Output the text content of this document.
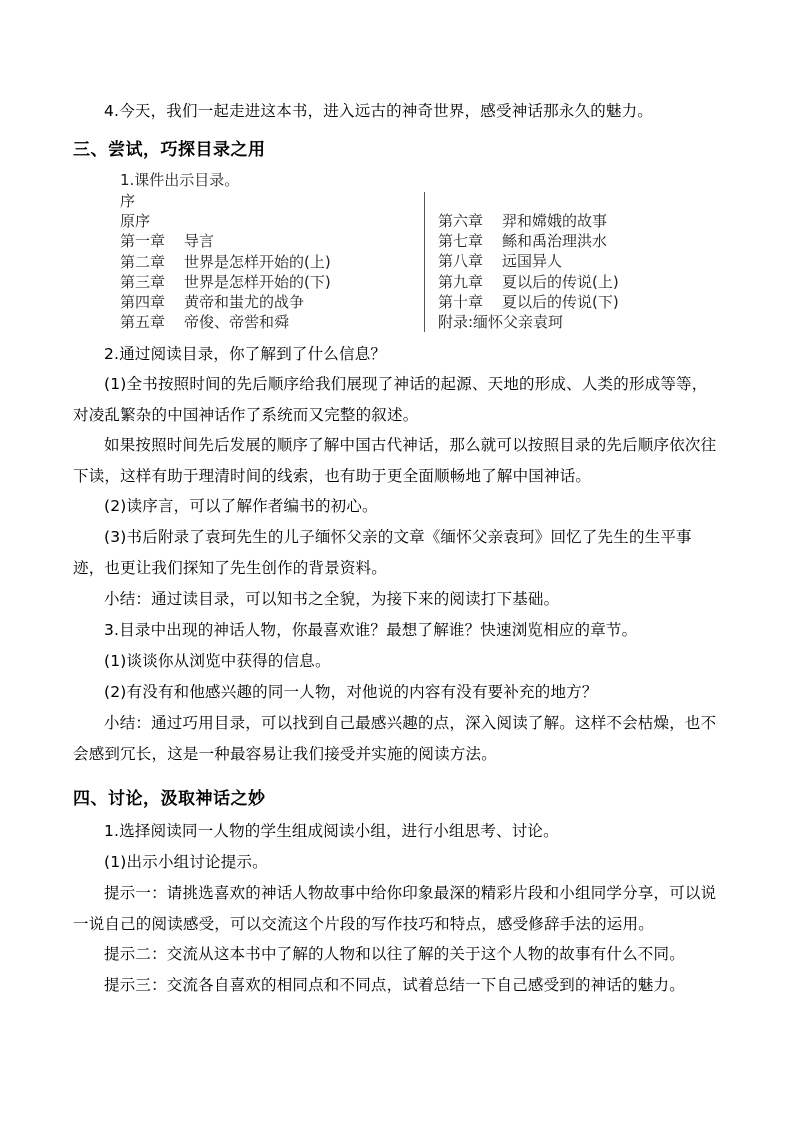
4.今天，我们一起走进这本书，进入远古的神奇世界，感受神话那永久的魅力。
三、尝试，巧探目录之用
1.课件出示目录。
序
原序
第一章 导言
第二章 世界是怎样开始的(上)
第三章 世界是怎样开始的(下)
第四章 黄帝和蚩尤的战争
第五章 帝俊、帝喾和舜
第六章 羿和嫦娥的故事
第七章 鲧和禹治理洪水
第八章 远国异人
第九章 夏以后的传说(上)
第十章 夏以后的传说(下)
附录:缅怀父亲袁珂
2.通过阅读目录，你了解到了什么信息？
(1)全书按照时间的先后顺序给我们展现了神话的起源、天地的形成、人类的形成等等，对凌乱繁杂的中国神话作了系统而又完整的叙述。
如果按照时间先后发展的顺序了解中国古代神话，那么就可以按照目录的先后顺序依次往下读，这样有助于理清时间的线索，也有助于更全面顺畅地了解中国神话。
(2)读序言，可以了解作者编书的初心。
(3)书后附录了袁珂先生的儿子缅怀父亲的文章《缅怀父亲袁珂》回忆了先生的生平事迹，也更让我们探知了先生创作的背景资料。
小结：通过读目录，可以知书之全貌，为接下来的阅读打下基础。
3.目录中出现的神话人物，你最喜欢谁？最想了解谁？快速浏览相应的章节。
(1)谈谈你从浏览中获得的信息。
(2)有没有和他感兴趣的同一人物，对他说的内容有没有要补充的地方？
小结：通过巧用目录，可以找到自己最感兴趣的点，深入阅读了解。这样不会枯燥，也不会感到冗长，这是一种最容易让我们接受并实施的阅读方法。
四、讨论，汲取神话之妙
1.选择阅读同一人物的学生组成阅读小组，进行小组思考、讨论。
(1)出示小组讨论提示。
提示一：请挑选喜欢的神话人物故事中给你印象最深的精彩片段和小组同学分享，可以说一说自己的阅读感受，可以交流这个片段的写作技巧和特点，感受修辞手法的运用。
提示二：交流从这本书中了解的人物和以往了解的关于这个人物的故事有什么不同。
提示三：交流各自喜欢的相同点和不同点，试着总结一下自己感受到的神话的魅力。
